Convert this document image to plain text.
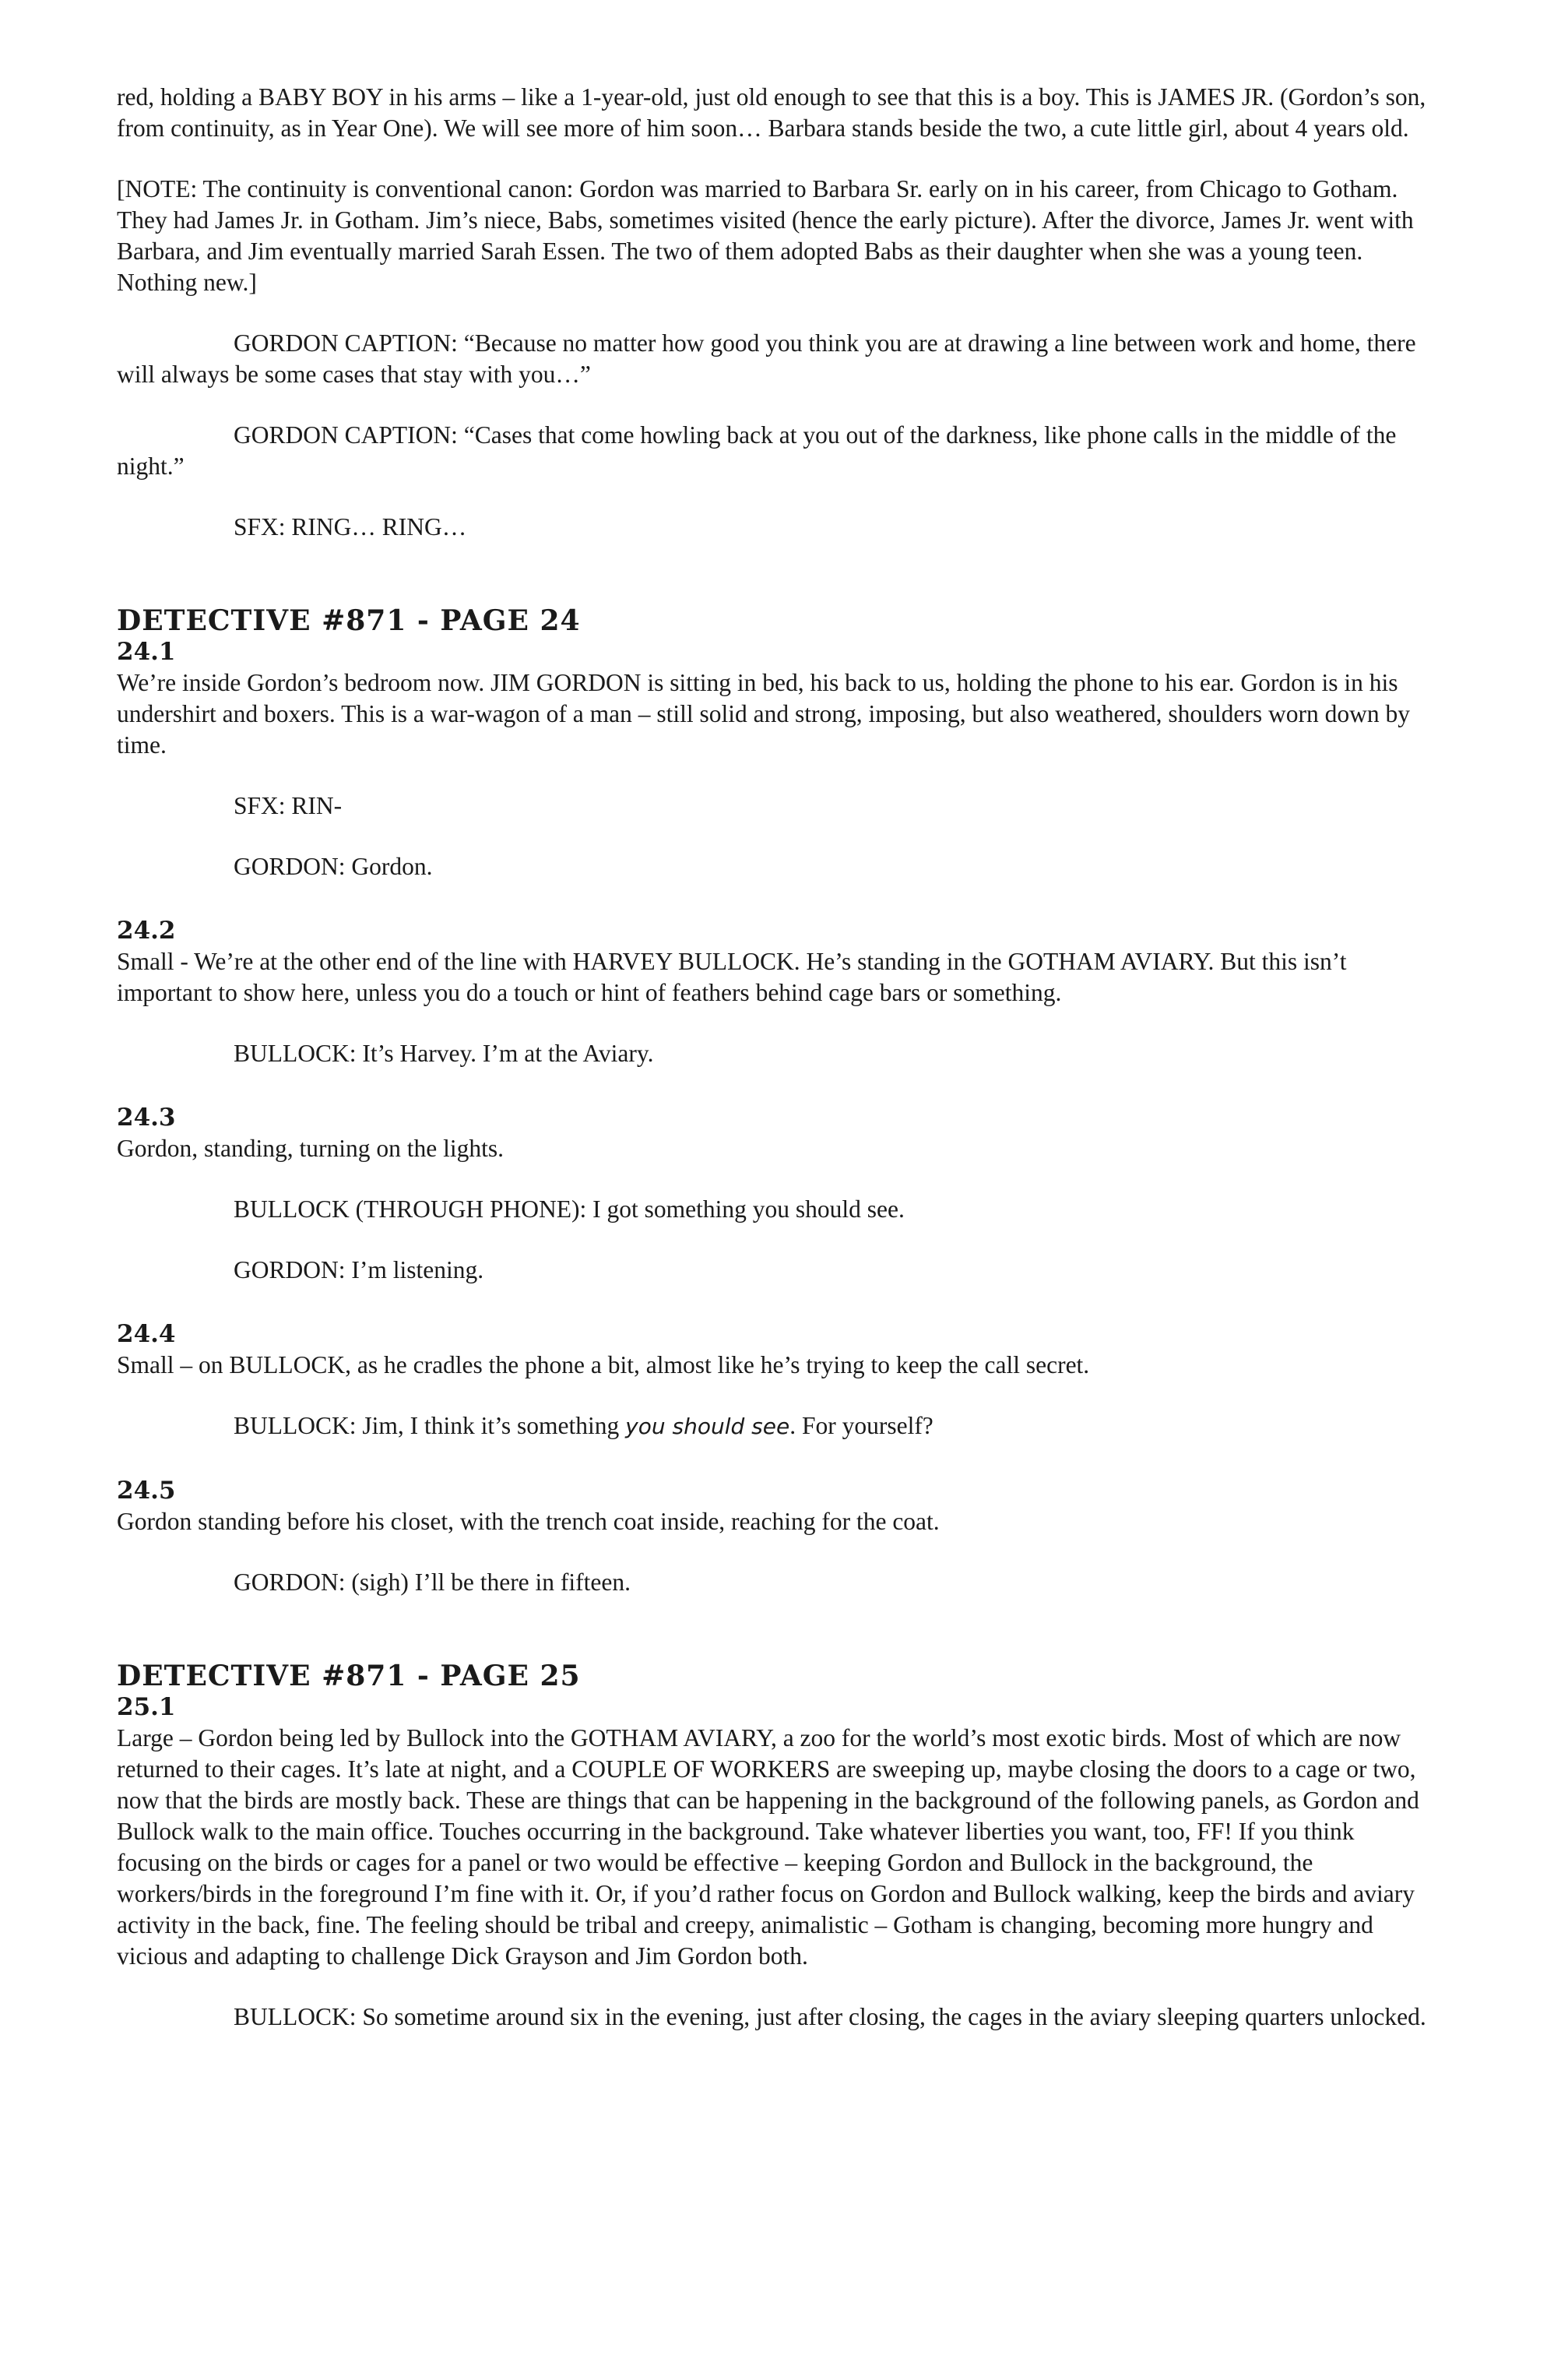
red, holding a BABY BOY in his arms – like a 1-year-old, just old enough to see that this is a boy. This is JAMES JR. (Gordon’s son, from continuity, as in Year One). We will see more of him soon… Barbara stands beside the two, a cute little girl, about 4 years old.

[NOTE: The continuity is conventional canon: Gordon was married to Barbara Sr. early on in his career, from Chicago to Gotham. They had James Jr. in Gotham. Jim’s niece, Babs, sometimes visited (hence the early picture). After the divorce, James Jr. went with Barbara, and Jim eventually married Sarah Essen. The two of them adopted Babs as their daughter when she was a young teen. Nothing new.]

GORDON CAPTION: “Because no matter how good you think you are at drawing a line between work and home, there will always be some cases that stay with you…”

GORDON CAPTION: “Cases that come howling back at you out of the darkness, like phone calls in the middle of the night.”

SFX: RING… RING…

DETECTIVE #871 - PAGE 24
24.1

We’re inside Gordon’s bedroom now. JIM GORDON is sitting in bed, his back to us, holding the phone to his ear. Gordon is in his undershirt and boxers. This is a war-wagon of a man – still solid and strong, imposing, but also weathered, shoulders worn down by time.

SFX: RIN-

GORDON: Gordon.

24.2

Small - We’re at the other end of the line with HARVEY BULLOCK. He’s standing in the GOTHAM AVIARY. But this isn’t important to show here, unless you do a touch or hint of feathers behind cage bars or something.

BULLOCK: It’s Harvey. I’m at the Aviary.

24.3

Gordon, standing, turning on the lights.

BULLOCK (THROUGH PHONE): I got something you should see.

GORDON: I’m listening.

24.4

Small – on BULLOCK, as he cradles the phone a bit, almost like he’s trying to keep the call secret.

BULLOCK: Jim, I think it’s something you should see. For yourself?

24.5

Gordon standing before his closet, with the trench coat inside, reaching for the coat.

GORDON: (sigh) I’ll be there in fifteen.

DETECTIVE #871 - PAGE 25
25.1

Large – Gordon being led by Bullock into the GOTHAM AVIARY, a zoo for the world’s most exotic birds. Most of which are now returned to their cages. It’s late at night, and a COUPLE OF WORKERS are sweeping up, maybe closing the doors to a cage or two, now that the birds are mostly back. These are things that can be happening in the background of the following panels, as Gordon and Bullock walk to the main office. Touches occurring in the background. Take whatever liberties you want, too, FF! If you think focusing on the birds or cages for a panel or two would be effective – keeping Gordon and Bullock in the background, the workers/birds in the foreground I’m fine with it. Or, if you’d rather focus on Gordon and Bullock walking, keep the birds and aviary activity in the back, fine. The feeling should be tribal and creepy, animalistic – Gotham is changing, becoming more hungry and vicious and adapting to challenge Dick Grayson and Jim Gordon both.

BULLOCK: So sometime around six in the evening, just after closing, the cages in the aviary sleeping quarters unlocked.
